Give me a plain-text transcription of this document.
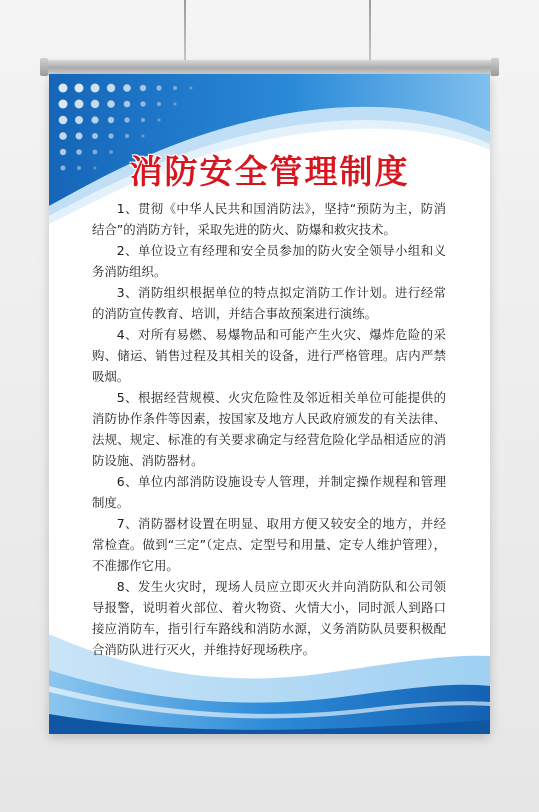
消防安全管理制度

1、贯彻《中华人民共和国消防法》，坚持“预防为主，防消结合”的消防方针，采取先进的防火、防爆和救灾技术。

2、单位设立有经理和安全员参加的防火安全领导小组和义务消防组织。

3、消防组织根据单位的特点拟定消防工作计划。进行经常的消防宣传教育、培训，并结合事故预案进行演练。

4、对所有易燃、易爆物品和可能产生火灾、爆炸危险的采购、储运、销售过程及其相关的设备，进行严格管理。店内严禁吸烟。

5、根据经营规模、火灾危险性及邻近相关单位可能提供的消防协作条件等因素，按国家及地方人民政府颁发的有关法律、法规、规定、标准的有关要求确定与经营危险化学品相适应的消防设施、消防器材。

6、单位内部消防设施设专人管理，并制定操作规程和管理制度。

7、消防器材设置在明显、取用方便又较安全的地方，并经常检查。做到“三定”（定点、定型号和用量、定专人维护管理），不准挪作它用。

8、发生火灾时，现场人员应立即灭火并向消防队和公司领导报警，说明着火部位、着火物资、火情大小，同时派人到路口接应消防车，指引行车路线和消防水源，义务消防队员要积极配合消防队进行灭火，并维持好现场秩序。
